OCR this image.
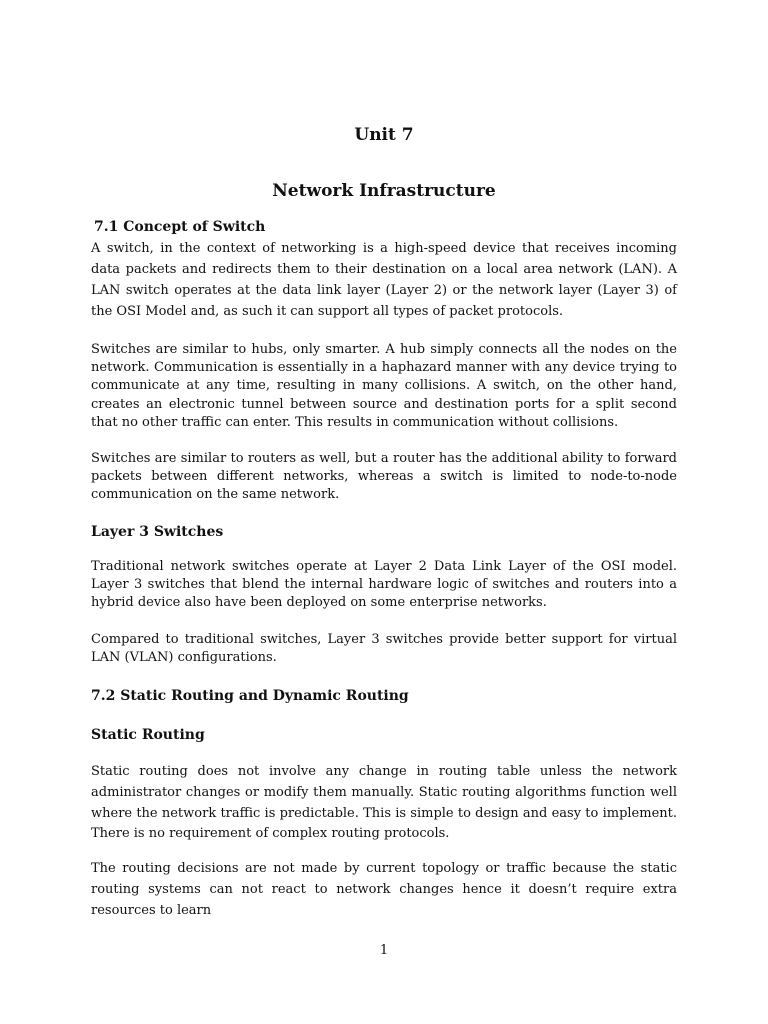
Unit 7
Network Infrastructure
7.1 Concept of Switch

A switch, in the context of networking is a high-speed device that receives incoming data packets and redirects them to their destination on a local area network (LAN). A LAN switch operates at the data link layer (Layer 2) or the network layer (Layer 3) of the OSI Model and, as such it can support all types of packet protocols.

Switches are similar to hubs, only smarter. A hub simply connects all the nodes on the network. Communication is essentially in a haphazard manner with any device trying to communicate at any time, resulting in many collisions. A switch, on the other hand, creates an electronic tunnel between source and destination ports for a split second that no other traffic can enter. This results in communication without collisions.

Switches are similar to routers as well, but a router has the additional ability to forward packets between different networks, whereas a switch is limited to node-to-node communication on the same network.

Layer 3 Switches

Traditional network switches operate at Layer 2 Data Link Layer of the OSI model. Layer 3 switches that blend the internal hardware logic of switches and routers into a hybrid device also have been deployed on some enterprise networks.

Compared to traditional switches, Layer 3 switches provide better support for virtual LAN (VLAN) configurations.

7.2 Static Routing and Dynamic Routing
Static Routing

Static routing does not involve any change in routing table unless the network administrator changes or modify them manually. Static routing algorithms function well where the network traffic is predictable. This is simple to design and easy to implement. There is no requirement of complex routing protocols.

The routing decisions are not made by current topology or traffic because the static routing systems can not react to network changes hence it doesn’t require extra resources to learn

1
